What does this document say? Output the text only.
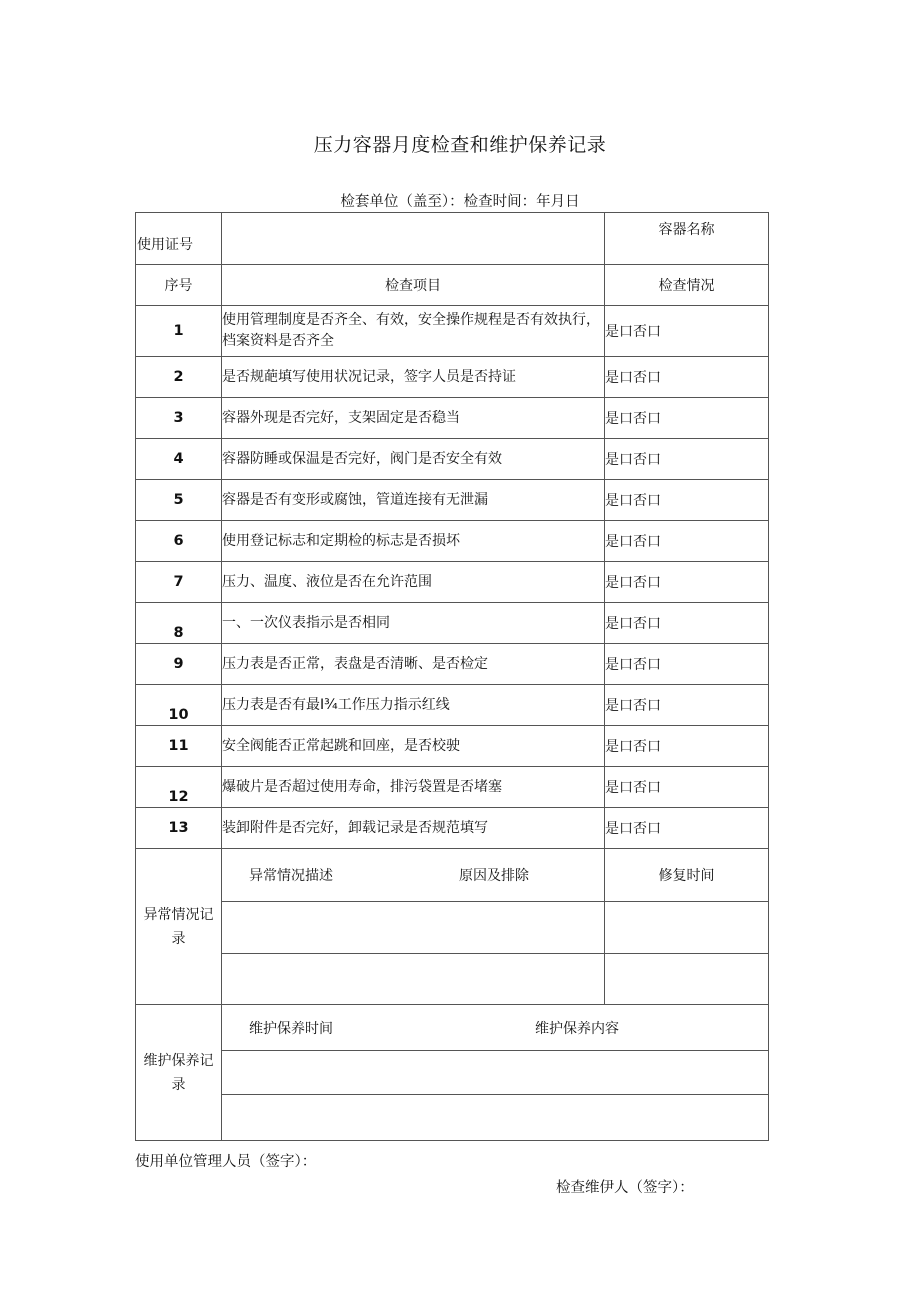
压力容器月度检查和维护保养记录
检套单位（盖至）：检查时间：年月日
使用证号		容器名称
序号	检查项目	检查情况
1	使用管理制度是否齐全、有效，安全操作规程是否有效执行，档案资料是否齐全	是口否口
2	是否规葩填写使用状况记录，签字人员是否持证	是口否口
3	容器外现是否完好，支架固定是否稳当	是口否口
4	容器防睡或保温是否完好，阀门是否安全有效	是口否口
5	容器是否有变形或腐蚀，管道连接有无泄漏	是口否口
6	使用登记标志和定期检的标志是否损坏	是口否口
7	压力、温度、液位是否在允许范围	是口否口
8	一、一次仪表指示是否相同	是口否口
9	压力表是否正常，表盘是否清晰、是否检定	是口否口
10	压力表是否有最I¾工作压力指示红线	是口否口
11	安全阀能否正常起跳和回座，是否校驶	是口否口
12	爆破片是否超过使用寿命，排污袋置是否堵塞	是口否口
13	装卸附件是否完好，卸载记录是否规范填写	是口否口

异常情况记录	异常情况描述 原因及排除	修复时间

维护保养记录	维护保养时间 维护保养内容	

使用单位管理人员（签字）：
检查维伊人（签字）：
